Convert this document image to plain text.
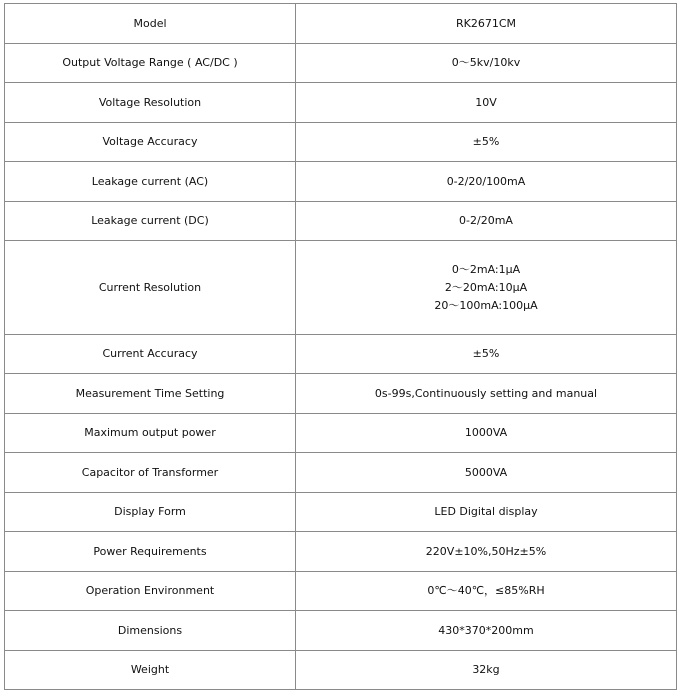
Model	RK2671CM
Output Voltage Range ( AC/DC )	0～5kv/10kv
Voltage Resolution	10V
Voltage Accuracy	±5%
Leakage current (AC)	0-2/20/100mA
Leakage current (DC)	0-2/20mA
Current Resolution	0～2mA:1μA
2～20mA:10μA
20～100mA:100μA

Current Accuracy	±5%
Measurement Time Setting	0s-99s,Continuously setting and manual
Maximum output power	1000VA
Capacitor of Transformer	5000VA
Display Form	LED Digital display
Power Requirements	220V±10%,50Hz±5%
Operation Environment	0℃～40℃，≤85%RH
Dimensions	430*370*200mm
Weight	32kg
